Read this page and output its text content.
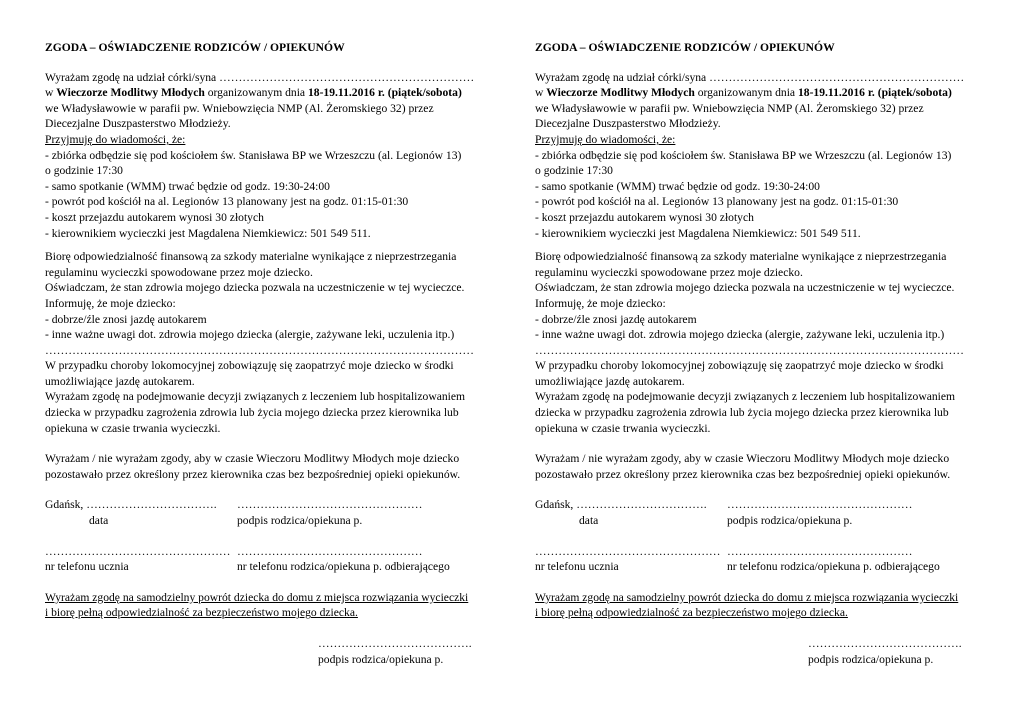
ZGODA – OŚWIADCZENIE RODZICÓW / OPIEKUNÓW
Wyrażam zgodę na udział córki/syna …………………………………………………………
w Wieczorze Modlitwy Młodych organizowanym dnia 18-19.11.2016 r. (piątek/sobota)
we Władysławowie w parafii pw. Wniebowzięcia NMP (Al. Żeromskiego 32) przez
Diecezjalne Duszpasterstwo Młodzieży.
Przyjmuję do wiadomości, że:
- zbiórka odbędzie się pod kościołem św. Stanisława BP we Wrzeszczu (al. Legionów 13)
o godzinie 17:30
- samo spotkanie (WMM) trwać będzie od godz. 19:30-24:00
- powrót pod kościół na al. Legionów 13 planowany jest na godz. 01:15-01:30
- koszt przejazdu autokarem wynosi 30 złotych
- kierownikiem wycieczki jest Magdalena Niemkiewicz: 501 549 511.
Biorę odpowiedzialność finansową za szkody materialne wynikające z nieprzestrzegania
regulaminu wycieczki spowodowane przez moje dziecko.
Oświadczam, że stan zdrowia mojego dziecka pozwala na uczestniczenie w tej wycieczce.
Informuję, że moje dziecko:
- dobrze/źle znosi jazdę autokarem
- inne ważne uwagi dot. zdrowia mojego dziecka (alergie, zażywane leki, uczulenia itp.)
…………………………………………………………………………………………………
W przypadku choroby lokomocyjnej zobowiązuję się zaopatrzyć moje dziecko w środki
umożliwiające jazdę autokarem.
Wyrażam zgodę na podejmowanie decyzji związanych z leczeniem lub hospitalizowaniem
dziecka w przypadku zagrożenia zdrowia lub życia mojego dziecka przez kierownika lub
opiekuna w czasie trwania wycieczki.
Wyrażam / nie wyrażam zgody, aby w czasie Wieczoru Modlitwy Młodych moje dziecko
pozostawało przez określony przez kierownika czas bez bezpośredniej opieki opiekunów.
Gdańsk, ……………………………. …………………………………………
data	podpis rodzica/opiekuna p.
………………………………………… …………………………………………
nr telefonu ucznia	nr telefonu rodzica/opiekuna p. odbierającego
Wyrażam zgodę na samodzielny powrót dziecka do domu z miejsca rozwiązania wycieczki
i biorę pełną odpowiedzialność za bezpieczeństwo mojego dziecka.
………………………………….
podpis rodzica/opiekuna p.
ZGODA – OŚWIADCZENIE RODZICÓW / OPIEKUNÓW
Wyrażam zgodę na udział córki/syna …………………………………………………………
w Wieczorze Modlitwy Młodych organizowanym dnia 18-19.11.2016 r. (piątek/sobota)
we Władysławowie w parafii pw. Wniebowzięcia NMP (Al. Żeromskiego 32) przez
Diecezjalne Duszpasterstwo Młodzieży.
Przyjmuję do wiadomości, że:
- zbiórka odbędzie się pod kościołem św. Stanisława BP we Wrzeszczu (al. Legionów 13)
o godzinie 17:30
- samo spotkanie (WMM) trwać będzie od godz. 19:30-24:00
- powrót pod kościół na al. Legionów 13 planowany jest na godz. 01:15-01:30
- koszt przejazdu autokarem wynosi 30 złotych
- kierownikiem wycieczki jest Magdalena Niemkiewicz: 501 549 511.
Biorę odpowiedzialność finansową za szkody materialne wynikające z nieprzestrzegania
regulaminu wycieczki spowodowane przez moje dziecko.
Oświadczam, że stan zdrowia mojego dziecka pozwala na uczestniczenie w tej wycieczce.
Informuję, że moje dziecko:
- dobrze/źle znosi jazdę autokarem
- inne ważne uwagi dot. zdrowia mojego dziecka (alergie, zażywane leki, uczulenia itp.)
…………………………………………………………………………………………………
W przypadku choroby lokomocyjnej zobowiązuję się zaopatrzyć moje dziecko w środki
umożliwiające jazdę autokarem.
Wyrażam zgodę na podejmowanie decyzji związanych z leczeniem lub hospitalizowaniem
dziecka w przypadku zagrożenia zdrowia lub życia mojego dziecka przez kierownika lub
opiekuna w czasie trwania wycieczki.
Wyrażam / nie wyrażam zgody, aby w czasie Wieczoru Modlitwy Młodych moje dziecko
pozostawało przez określony przez kierownika czas bez bezpośredniej opieki opiekunów.
Gdańsk, ……………………………. …………………………………………
data	podpis rodzica/opiekuna p.
………………………………………… …………………………………………
nr telefonu ucznia	nr telefonu rodzica/opiekuna p. odbierającego
Wyrażam zgodę na samodzielny powrót dziecka do domu z miejsca rozwiązania wycieczki
i biorę pełną odpowiedzialność za bezpieczeństwo mojego dziecka.
………………………………….
podpis rodzica/opiekuna p.
